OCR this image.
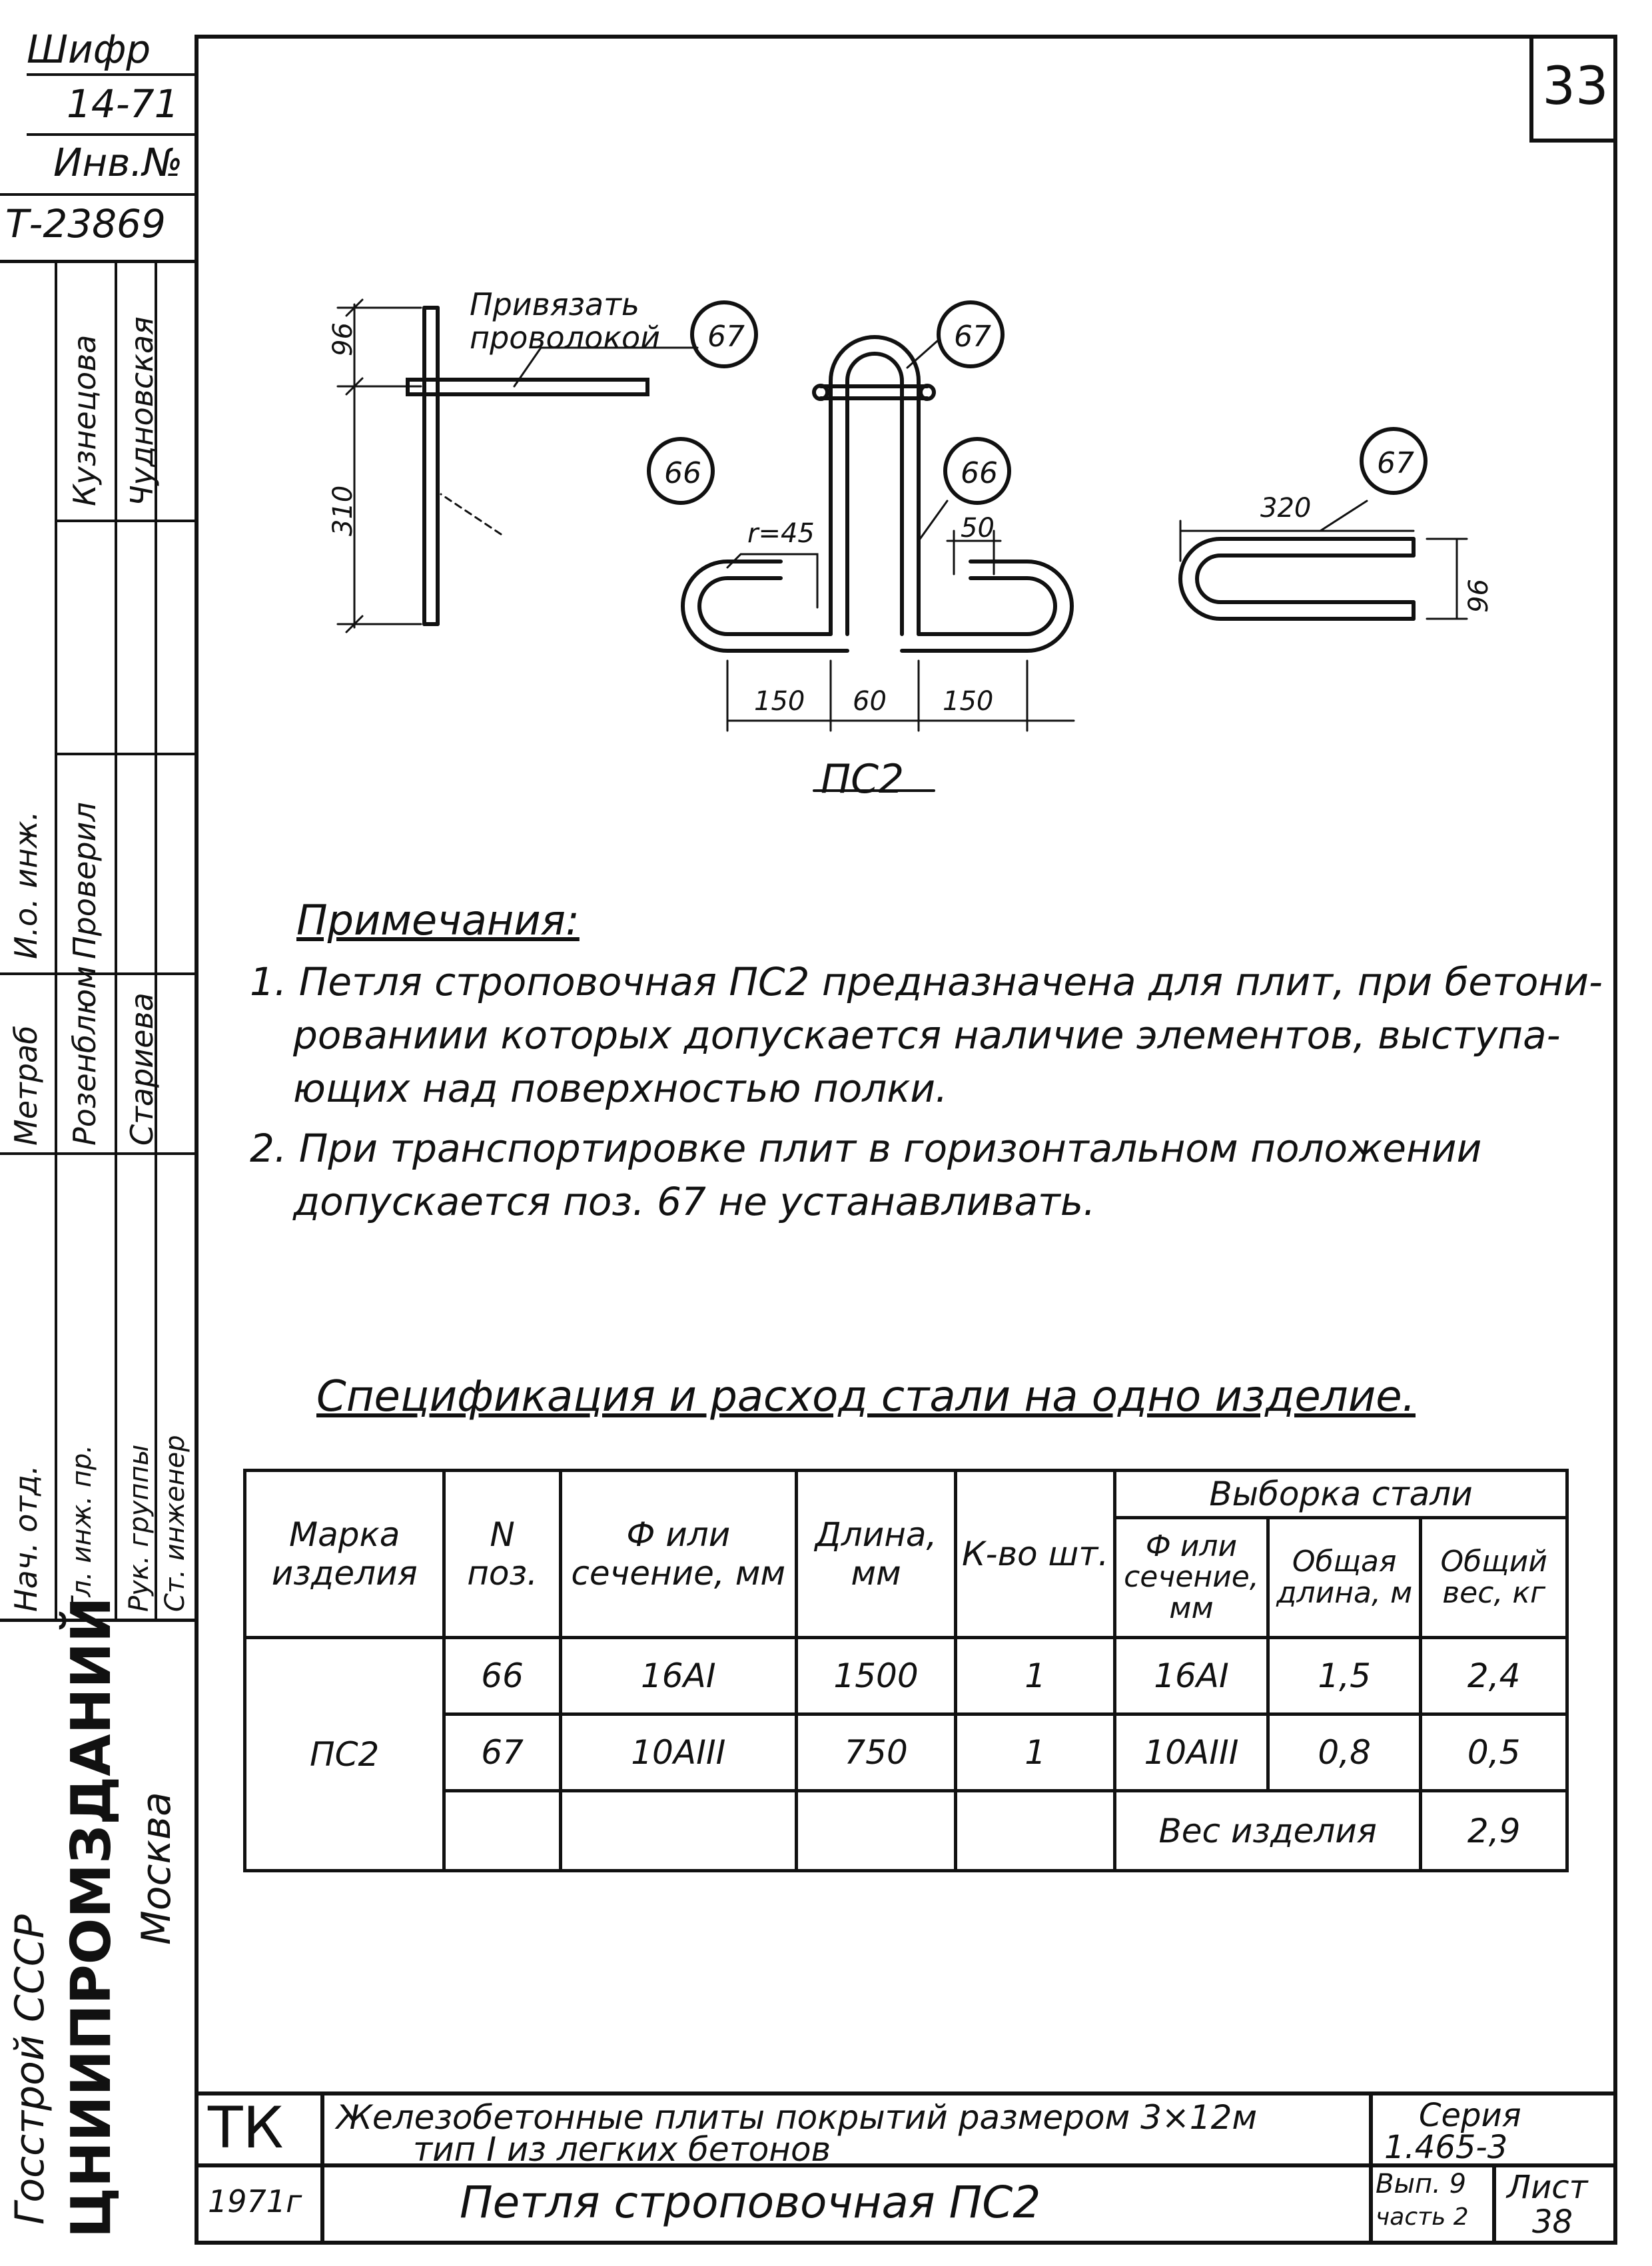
33
Шифр
14-71
Инв.№
Т-23869
Кузнецова Чудновская
И.о. инж. Проверил
Метраб Розенблюм Стариева
Нач. отд. Гл. инж. пр. Рук. группы Ст. инженер
Госстрой СССР ЦНИИПРОМЗДАНИЙ Москва
Привязать
проволокой
96
310
67
66
67
66	67
r=45	50
150 60 150
320
96
ПС2
Примечания:
1. Петля строповочная ПС2 предназначена для плит, при бетони-
рованиии которых допускается наличие элементов, выступа-
ющих над поверхностью полки.
2. При транспортировке плит в горизонтальном положении
допускается поз. 67 не устанавливать.
Спецификация и расход стали на одно изделие.
Марка изделия	N поз.	Ф или сечение, мм	Длина, мм	К-во шт.	Выборка стали		
					Ф или сечение, мм	Общая длина, м	Общий вес, кг
ПС2	66	16АI	1500	1	16АI	1,5	2,4
	67	10АIII	750	1	10АIII	0,8	0,5
					Вес изделия		2,9
ТК
1971г
Железобетонные плиты покрытий размером 3×12м
тип I из легких бетонов
Петля строповочная ПС2
Серия
1.465-3
Вып. 9
часть 2
Лист
38
